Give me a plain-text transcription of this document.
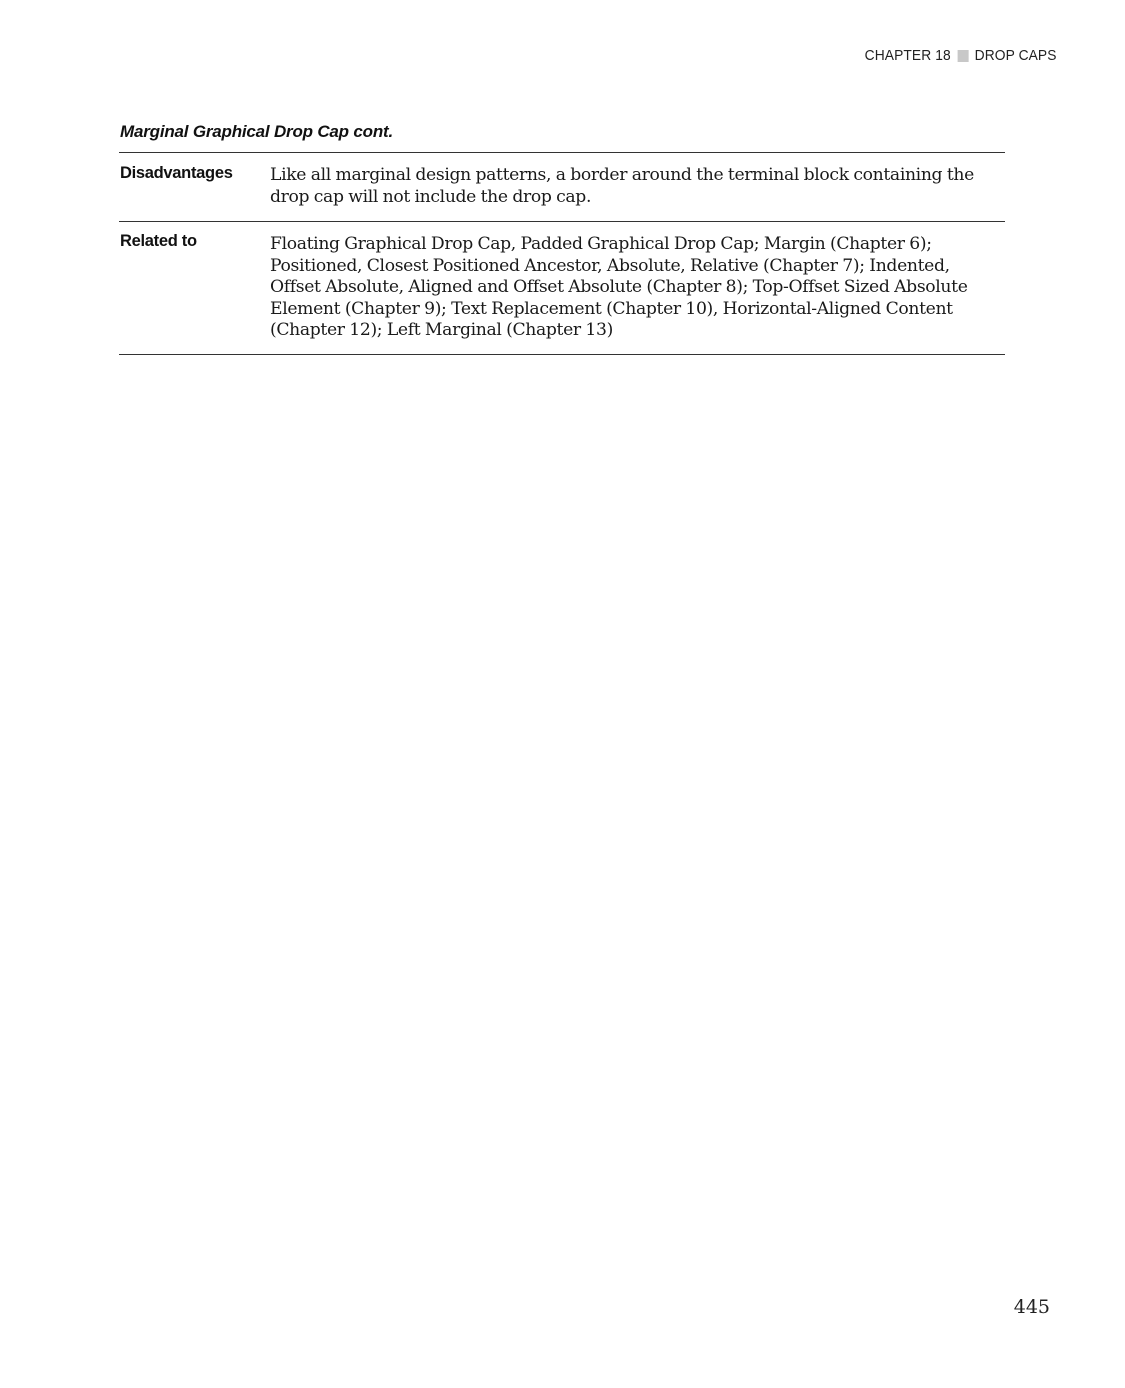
CHAPTER 18 DROP CAPS
Marginal Graphical Drop Cap cont.
Disadvantages	Like all marginal design patterns, a border around the terminal block containing the drop cap will not include the drop cap.
Related to	Floating Graphical Drop Cap, Padded Graphical Drop Cap; Margin (Chapter 6); Positioned, Closest Positioned Ancestor, Absolute, Relative (Chapter 7); Indented, Offset Absolute, Aligned and Offset Absolute (Chapter 8); Top-Offset Sized Absolute Element (Chapter 9); Text Replacement (Chapter 10), Horizontal-Aligned Content (Chapter 12); Left Marginal (Chapter 13)
445
